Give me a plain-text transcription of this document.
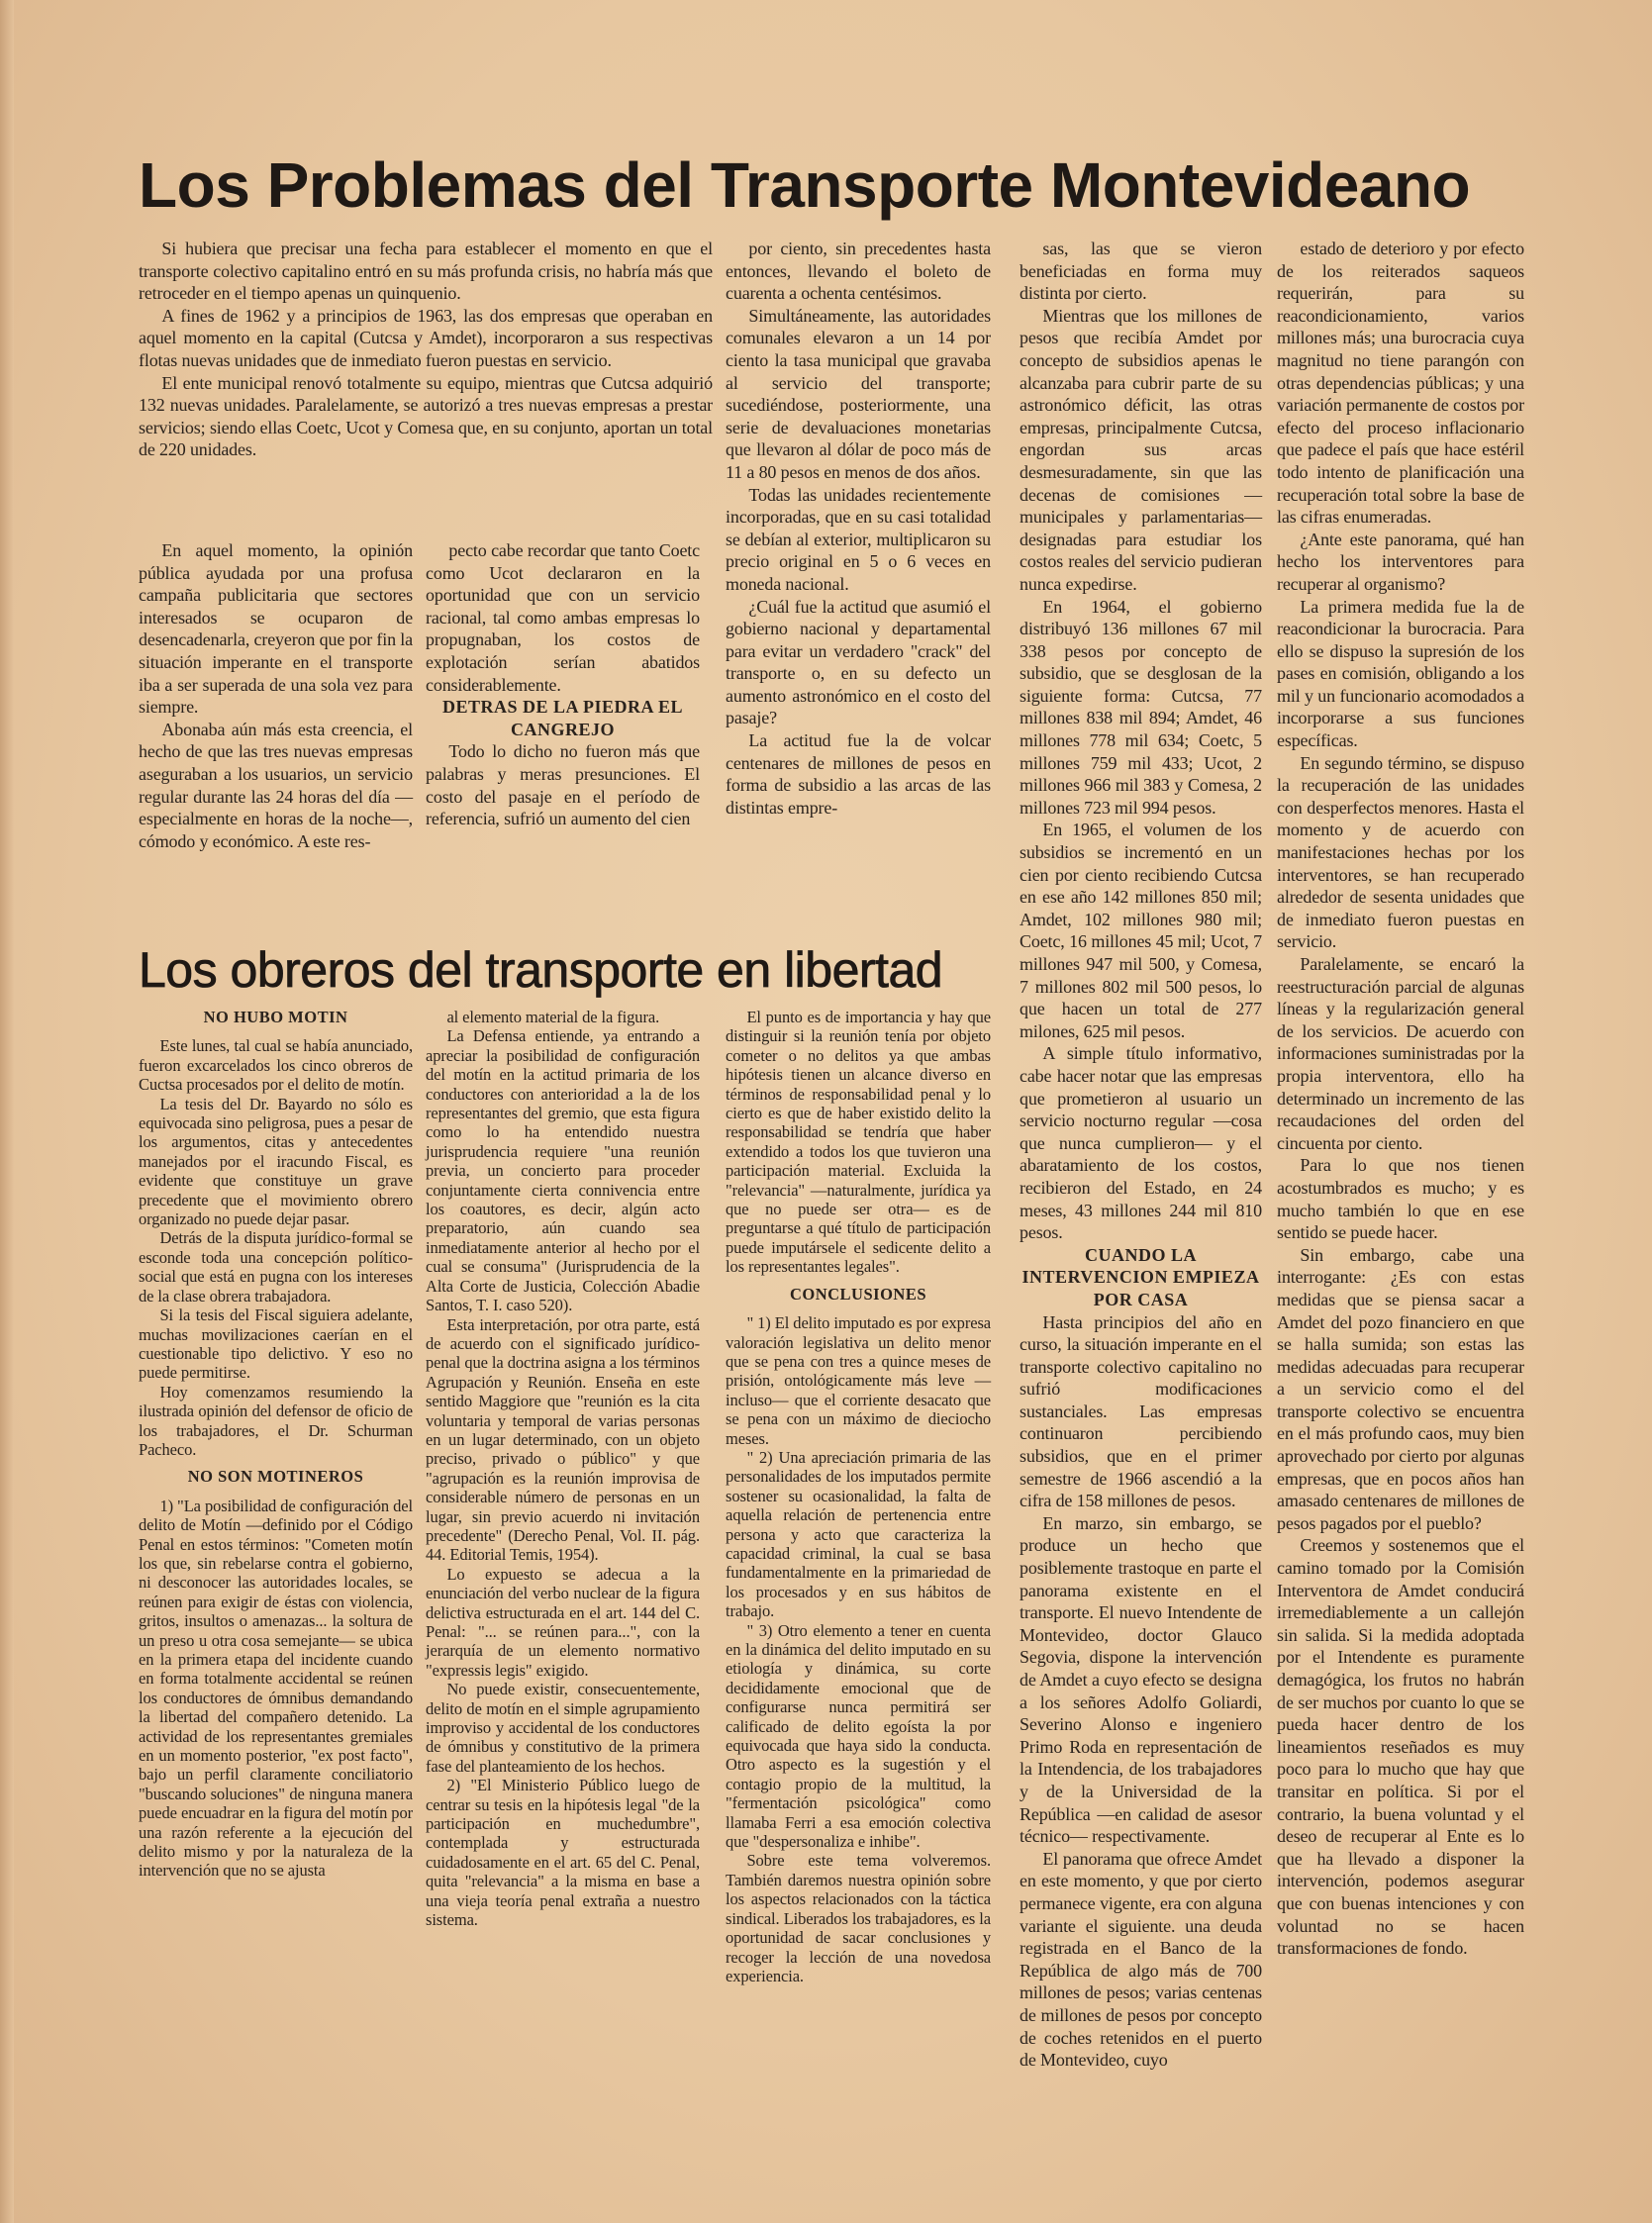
Los Problemas del Transporte Montevideano

Si hubiera que precisar una fecha para establecer el momento en que el transporte colectivo capitalino entró en su más profunda crisis, no habría más que retroceder en el tiempo apenas un quinquenio.

A fines de 1962 y a principios de 1963, las dos empresas que operaban en aquel momento en la capital (Cutcsa y Amdet), incorporaron a sus respectivas flotas nuevas unidades que de inmediato fueron puestas en servicio.

El ente municipal renovó totalmente su equipo, mientras que Cutcsa adquirió 132 nuevas unidades. Paralelamente, se autorizó a tres nuevas empresas a prestar servicios; siendo ellas Coetc, Ucot y Comesa que, en su conjunto, aportan un total de 220 unidades.

En aquel momento, la opinión pública ayudada por una profusa campaña publicitaria que sectores interesados se ocuparon de desencadenarla, creyeron que por fin la situación imperante en el transporte iba a ser superada de una sola vez para siempre.

Abonaba aún más esta creencia, el hecho de que las tres nuevas empresas aseguraban a los usuarios, un servicio regular durante las 24 horas del día —especialmente en horas de la noche—, cómodo y económico. A este res-

pecto cabe recordar que tanto Coetc como Ucot declararon en la oportunidad que con un servicio racional, tal como ambas empresas lo propugnaban, los costos de explotación serían abatidos considerablemente.

DETRAS DE LA PIEDRA EL CANGREJO

Todo lo dicho no fueron más que palabras y meras presunciones. El costo del pasaje en el período de referencia, sufrió un aumento del cien

por ciento, sin precedentes hasta entonces, llevando el boleto de cuarenta a ochenta centésimos.

Simultáneamente, las autoridades comunales elevaron a un 14 por ciento la tasa municipal que gravaba al servicio del transporte; sucediéndose, posteriormente, una serie de devaluaciones monetarias que llevaron al dólar de poco más de 11 a 80 pesos en menos de dos años.

Todas las unidades recientemente incorporadas, que en su casi totalidad se debían al exterior, multiplicaron su precio original en 5 o 6 veces en moneda nacional.

¿Cuál fue la actitud que asumió el gobierno nacional y departamental para evitar un verdadero "crack" del transporte o, en su defecto un aumento astronómico en el costo del pasaje?

La actitud fue la de volcar centenares de millones de pesos en forma de subsidio a las arcas de las distintas empre-

sas, las que se vieron beneficiadas en forma muy distinta por cierto.

Mientras que los millones de pesos que recibía Amdet por concepto de subsidios apenas le alcanzaba para cubrir parte de su astronómico déficit, las otras empresas, principalmente Cutcsa, engordan sus arcas desmesuradamente, sin que las decenas de comisiones —municipales y parlamentarias— designadas para estudiar los costos reales del servicio pudieran nunca expedirse.

En 1964, el gobierno distribuyó 136 millones 67 mil 338 pesos por concepto de subsidio, que se desglosan de la siguiente forma: Cutcsa, 77 millones 838 mil 894; Amdet, 46 millones 778 mil 634; Coetc, 5 millones 759 mil 433; Ucot, 2 millones 966 mil 383 y Comesa, 2 millones 723 mil 994 pesos.

En 1965, el volumen de los subsidios se incrementó en un cien por ciento recibiendo Cutcsa en ese año 142 millones 850 mil; Amdet, 102 millones 980 mil; Coetc, 16 millones 45 mil; Ucot, 7 millones 947 mil 500, y Comesa, 7 millones 802 mil 500 pesos, lo que hacen un total de 277 milones, 625 mil pesos.

A simple título informativo, cabe hacer notar que las empresas que prometieron al usuario un servicio nocturno regular —cosa que nunca cumplieron— y el abaratamiento de los costos, recibieron del Estado, en 24 meses, 43 millones 244 mil 810 pesos.

CUANDO LA INTERVENCION EMPIEZA POR CASA

Hasta principios del año en curso, la situación imperante en el transporte colectivo capitalino no sufrió modificaciones sustanciales. Las empresas continuaron percibiendo subsidios, que en el primer semestre de 1966 ascendió a la cifra de 158 millones de pesos.

En marzo, sin embargo, se produce un hecho que posiblemente trastoque en parte el panorama existente en el transporte. El nuevo Intendente de Montevideo, doctor Glauco Segovia, dispone la intervención de Amdet a cuyo efecto se designa a los señores Adolfo Goliardi, Severino Alonso e ingeniero Primo Roda en representación de la Intendencia, de los trabajadores y de la Universidad de la República —en calidad de asesor técnico— respectivamente.

El panorama que ofrece Amdet en este momento, y que por cierto permanece vigente, era con alguna variante el siguiente. una deuda registrada en el Banco de la República de algo más de 700 millones de pesos; varias centenas de millones de pesos por concepto de coches retenidos en el puerto de Montevideo, cuyo

estado de deterioro y por efecto de los reiterados saqueos requerirán, para su reacondicionamiento, varios millones más; una burocracia cuya magnitud no tiene parangón con otras dependencias públicas; y una variación permanente de costos por efecto del proceso inflacionario que padece el país que hace estéril todo intento de planificación una recuperación total sobre la base de las cifras enumeradas.

¿Ante este panorama, qué han hecho los interventores para recuperar al organismo?

La primera medida fue la de reacondicionar la burocracia. Para ello se dispuso la supresión de los pases en comisión, obligando a los mil y un funcionario acomodados a incorporarse a sus funciones específicas.

En segundo término, se dispuso la recuperación de las unidades con desperfectos menores. Hasta el momento y de acuerdo con manifestaciones hechas por los interventores, se han recuperado alrededor de sesenta unidades que de inmediato fueron puestas en servicio.

Paralelamente, se encaró la reestructuración parcial de algunas líneas y la regularización general de los servicios. De acuerdo con informaciones suministradas por la propia interventora, ello ha determinado un incremento de las recaudaciones del orden del cincuenta por ciento.

Para lo que nos tienen acostumbrados es mucho; y es mucho también lo que en ese sentido se puede hacer.

Sin embargo, cabe una interrogante: ¿Es con estas medidas que se piensa sacar a Amdet del pozo financiero en que se halla sumida; son estas las medidas adecuadas para recuperar a un servicio como el del transporte colectivo se encuentra en el más profundo caos, muy bien aprovechado por cierto por algunas empresas, que en pocos años han amasado centenares de millones de pesos pagados por el pueblo?

Creemos y sostenemos que el camino tomado por la Comisión Interventora de Amdet conducirá irremediablemente a un callejón sin salida. Si la medida adoptada por el Intendente es puramente demagógica, los frutos no habrán de ser muchos por cuanto lo que se pueda hacer dentro de los lineamientos reseñados es muy poco para lo mucho que hay que transitar en política. Si por el contrario, la buena voluntad y el deseo de recuperar al Ente es lo que ha llevado a disponer la intervención, podemos asegurar que con buenas intenciones y con voluntad no se hacen transformaciones de fondo.

Los obreros del transporte en libertad

NO HUBO MOTIN

Este lunes, tal cual se había anunciado, fueron excarcelados los cinco obreros de Cuctsa procesados por el delito de motín.

La tesis del Dr. Bayardo no sólo es equivocada sino peligrosa, pues a pesar de los argumentos, citas y antecedentes manejados por el iracundo Fiscal, es evidente que constituye un grave precedente que el movimiento obrero organizado no puede dejar pasar.

Detrás de la disputa jurídico-formal se esconde toda una concepción político-social que está en pugna con los intereses de la clase obrera trabajadora.

Si la tesis del Fiscal siguiera adelante, muchas movilizaciones caerían en el cuestionable tipo delictivo. Y eso no puede permitirse.

Hoy comenzamos resumiendo la ilustrada opinión del defensor de oficio de los trabajadores, el Dr. Schurman Pacheco.

NO SON MOTINEROS

1) "La posibilidad de configuración del delito de Motín —definido por el Código Penal en estos términos: "Cometen motín los que, sin rebelarse contra el gobierno, ni desconocer las autoridades locales, se reúnen para exigir de éstas con violencia, gritos, insultos o amenazas... la soltura de un preso u otra cosa semejante— se ubica en la primera etapa del incidente cuando en forma totalmente accidental se reúnen los conductores de ómnibus demandando la libertad del compañero detenido. La actividad de los representantes gremiales en un momento posterior, "ex post facto", bajo un perfil claramente conciliatorio "buscando soluciones" de ninguna manera puede encuadrar en la figura del motín por una razón referente a la ejecución del delito mismo y por la naturaleza de la intervención que no se ajusta

al elemento material de la figura.

La Defensa entiende, ya entrando a apreciar la posibilidad de configuración del motín en la actitud primaria de los conductores con anterioridad a la de los representantes del gremio, que esta figura como lo ha entendido nuestra jurisprudencia requiere "una reunión previa, un concierto para proceder conjuntamente cierta connivencia entre los coautores, es decir, algún acto preparatorio, aún cuando sea inmediatamente anterior al hecho por el cual se consuma" (Jurisprudencia de la Alta Corte de Justicia, Colección Abadie Santos, T. I. caso 520).

Esta interpretación, por otra parte, está de acuerdo con el significado jurídico-penal que la doctrina asigna a los términos Agrupación y Reunión. Enseña en este sentido Maggiore que "reunión es la cita voluntaria y temporal de varias personas en un lugar determinado, con un objeto preciso, privado o público" y que "agrupación es la reunión improvisa de considerable número de personas en un lugar, sin previo acuerdo ni invitación precedente" (Derecho Penal, Vol. II. pág. 44. Editorial Temis, 1954).

Lo expuesto se adecua a la enunciación del verbo nuclear de la figura delictiva estructurada en el art. 144 del C. Penal: "... se reúnen para...", con la jerarquía de un elemento normativo "expressis legis" exigido.

No puede existir, consecuentemente, delito de motín en el simple agrupamiento improviso y accidental de los conductores de ómnibus y constitutivo de la primera fase del planteamiento de los hechos.

2) "El Ministerio Público luego de centrar su tesis en la hipótesis legal "de la participación en muchedumbre", contemplada y estructurada cuidadosamente en el art. 65 del C. Penal, quita "relevancia" a la misma en base a una vieja teoría penal extraña a nuestro sistema.

El punto es de importancia y hay que distinguir si la reunión tenía por objeto cometer o no delitos ya que ambas hipótesis tienen un alcance diverso en términos de responsabilidad penal y lo cierto es que de haber existido delito la responsabilidad se tendría que haber extendido a todos los que tuvieron una participación material. Excluida la "relevancia" —naturalmente, jurídica ya que no puede ser otra— es de preguntarse a qué título de participación puede imputársele el sedicente delito a los representantes legales".

CONCLUSIONES

" 1) El delito imputado es por expresa valoración legislativa un delito menor que se pena con tres a quince meses de prisión, ontológicamente más leve —incluso— que el corriente desacato que se pena con un máximo de dieciocho meses.

" 2) Una apreciación primaria de las personalidades de los imputados permite sostener su ocasionalidad, la falta de aquella relación de pertenencia entre persona y acto que caracteriza la capacidad criminal, la cual se basa fundamentalmente en la primariedad de los procesados y en sus hábitos de trabajo.

" 3) Otro elemento a tener en cuenta en la dinámica del delito imputado en su etiología y dinámica, su corte decididamente emocional que de configurarse nunca permitirá ser calificado de delito egoísta la por equivocada que haya sido la conducta. Otro aspecto es la sugestión y el contagio propio de la multitud, la "fermentación psicológica" como llamaba Ferri a esa emoción colectiva que "despersonaliza e inhibe".

Sobre este tema volveremos. También daremos nuestra opinión sobre los aspectos relacionados con la táctica sindical. Liberados los trabajadores, es la oportunidad de sacar conclusiones y recoger la lección de una novedosa experiencia.
